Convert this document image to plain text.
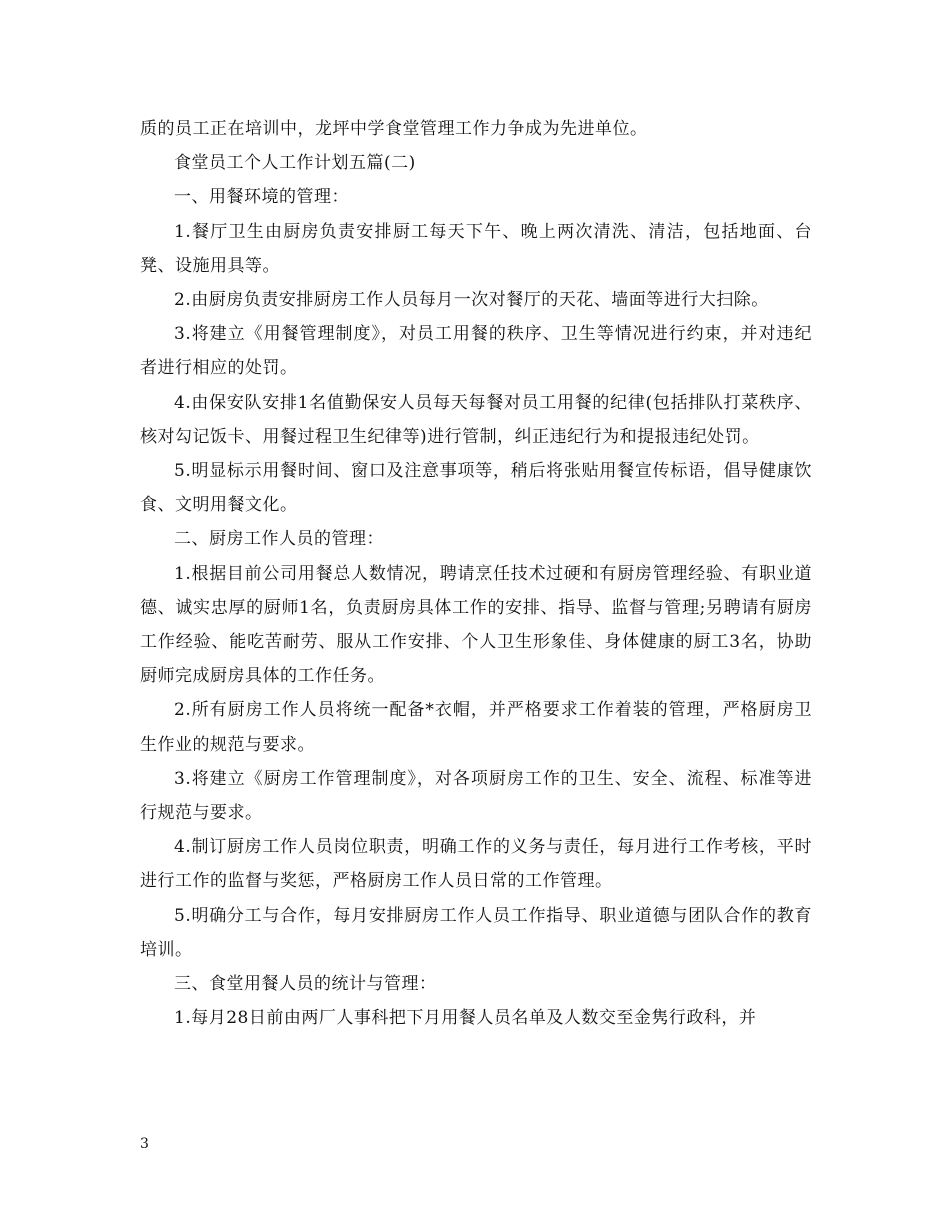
质的员工正在培训中，龙坪中学食堂管理工作力争成为先进单位。

食堂员工个人工作计划五篇(二)

一、用餐环境的管理：

1.餐厅卫生由厨房负责安排厨工每天下午、晚上两次清洗、清洁，包括地面、台凳、设施用具等。

2.由厨房负责安排厨房工作人员每月一次对餐厅的天花、墙面等进行大扫除。

3.将建立《用餐管理制度》，对员工用餐的秩序、卫生等情况进行约束，并对违纪者进行相应的处罚。

4.由保安队安排1名值勤保安人员每天每餐对员工用餐的纪律(包括排队打菜秩序、核对勾记饭卡、用餐过程卫生纪律等)进行管制，纠正违纪行为和提报违纪处罚。

5.明显标示用餐时间、窗口及注意事项等，稍后将张贴用餐宣传标语，倡导健康饮食、文明用餐文化。

二、厨房工作人员的管理：

1.根据目前公司用餐总人数情况，聘请烹任技术过硬和有厨房管理经验、有职业道德、诚实忠厚的厨师1名，负责厨房具体工作的安排、指导、监督与管理;另聘请有厨房工作经验、能吃苦耐劳、服从工作安排、个人卫生形象佳、身体健康的厨工3名，协助厨师完成厨房具体的工作任务。

2.所有厨房工作人员将统一配备*衣帽，并严格要求工作着装的管理，严格厨房卫生作业的规范与要求。

3.将建立《厨房工作管理制度》，对各项厨房工作的卫生、安全、流程、标准等进行规范与要求。

4.制订厨房工作人员岗位职责，明确工作的义务与责任，每月进行工作考核，平时进行工作的监督与奖惩，严格厨房工作人员日常的工作管理。

5.明确分工与合作，每月安排厨房工作人员工作指导、职业道德与团队合作的教育培训。

三、食堂用餐人员的统计与管理：

1.每月28日前由两厂人事科把下月用餐人员名单及人数交至金隽行政科，并

3
